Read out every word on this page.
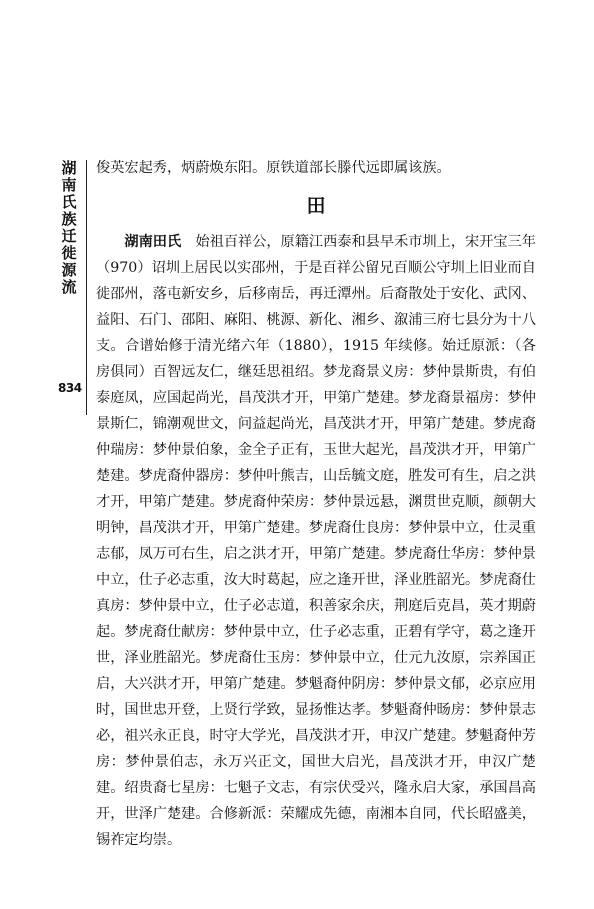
湖南氏族迁徙源流
834

俊英宏起秀，炳蔚焕东阳。原铁道部长滕代远即属该族。

田

湖南田氏　 始祖百祥公，原籍江西泰和县早禾市圳上，宋开宝三年（970）诏圳上居民以实邵州，于是百祥公留兄百顺公守圳上旧业而自徙邵州，落屯新安乡，后移南岳，再迁潭州。后裔散处于安化、武冈、益阳、石门、邵阳、麻阳、桃源、新化、湘乡、溆浦三府七县分为十八支。合谱始修于清光绪六年（1880），1915 年续修。始迁原派：（各房俱同）百智远友仁，继廷思祖绍。梦龙裔景义房：梦仲景斯贵，有伯泰庭凤，应国起尚光，昌茂洪才开，甲第广楚建。梦龙裔景福房：梦仲景斯仁，锦潮观世文，问益起尚光，昌茂洪才开，甲第广楚建。梦虎裔仲瑞房：梦仲景伯象，金全子正有，玉世大起光，昌茂洪才开，甲第广楚建。梦虎裔仲器房：梦仲叶熊吉，山岳毓文庭，胜发可有生，启之洪才开，甲第广楚建。梦虎裔仲荣房：梦仲景远悬，渊贯世克顺，颜朝大明钟，昌茂洪才开，甲第广楚建。梦虎裔仕良房：梦仲景中立，仕灵重志郁，凤万可右生，启之洪才开，甲第广楚建。梦虎裔仕华房：梦仲景中立，仕子必志重，汝大时葛起，应之逢开世，泽业胜韶光。梦虎裔仕真房：梦仲景中立，仕子必志道，积善家余庆，荆庭后克昌，英才期蔚起。梦虎裔仕献房：梦仲景中立，仕子必志重，正碧有学守，葛之逢开世，泽业胜韶光。梦虎裔仕玉房：梦仲景中立，仕元九汝原，宗养国正启，大兴洪才开，甲第广楚建。梦魁裔仲阴房：梦仲景文郁，必京应用时，国世忠开登，上贤行学致，显扬惟达孝。梦魁裔仲旸房：梦仲景志必，祖兴永正良，时守大学光，昌茂洪才开，申汉广楚建。梦魁裔仲芳房：梦仲景伯志，永万兴正文，国世大启光，昌茂洪才开，申汉广楚建。绍贵裔七星房：七魁子文志，有宗伏受兴，隆永启大家，承国昌高开，世泽广楚建。合修新派：荣耀成先德，南湘本自同，代长昭盛美，锡祚定均崇。
